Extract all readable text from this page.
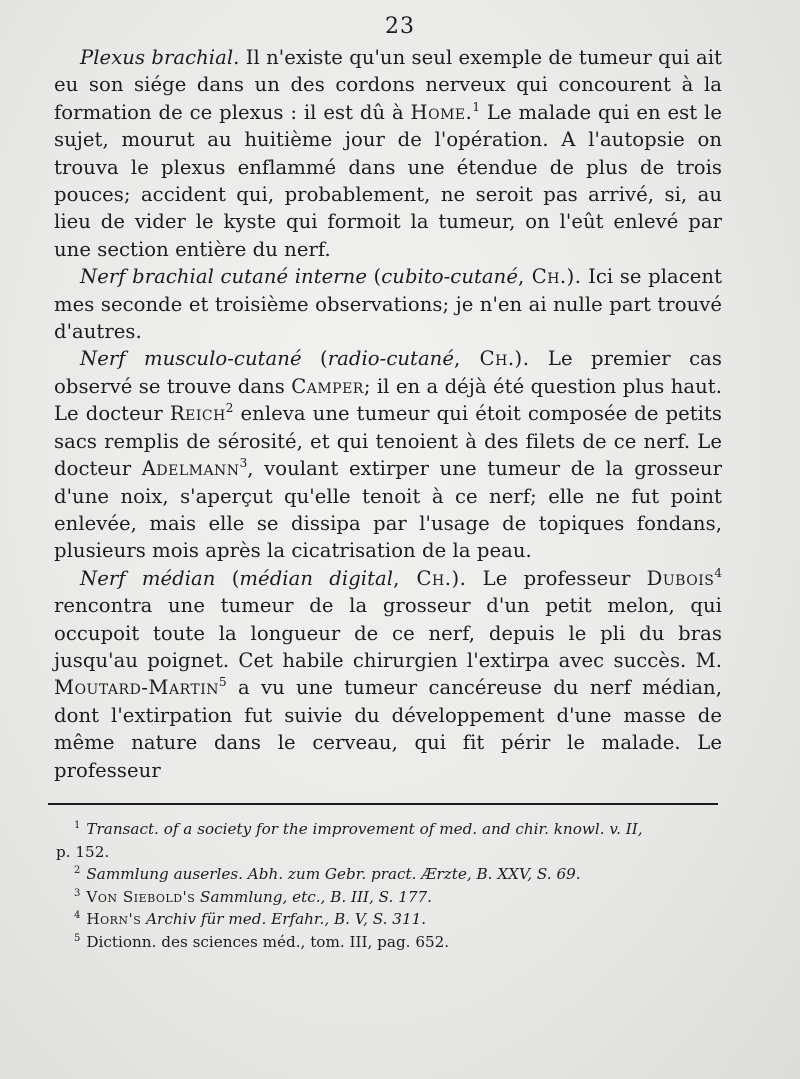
23

Plexus brachial. Il n'existe qu'un seul exemple de tumeur qui ait eu son siége dans un des cordons nerveux qui concourent à la formation de ce plexus : il est dû à Home.$^1$ Le malade qui en est le sujet, mourut au huitième jour de l'opération. A l'autopsie on trouva le plexus enflammé dans une étendue de plus de trois pouces; accident qui, probablement, ne seroit pas arrivé, si, au lieu de vider le kyste qui formoit la tumeur, on l'eût enlevé par une section entière du nerf.

Nerf brachial cutané interne (cubito-cutané, Ch.). Ici se placent mes seconde et troisième observations; je n'en ai nulle part trouvé d'autres.

Nerf musculo-cutané (radio-cutané, Ch.). Le premier cas observé se trouve dans Camper; il en a déjà été question plus haut. Le docteur Reich$^2$ enleva une tumeur qui étoit composée de petits sacs remplis de sérosité, et qui tenoient à des filets de ce nerf. Le docteur Adelmann$^3$, voulant extirper une tumeur de la grosseur d'une noix, s'aperçut qu'elle tenoit à ce nerf; elle ne fut point enlevée, mais elle se dissipa par l'usage de topiques fondans, plusieurs mois après la cicatrisation de la peau.

Nerf médian (médian digital, Ch.). Le professeur Dubois$^4$ rencontra une tumeur de la grosseur d'un petit melon, qui occupoit toute la longueur de ce nerf, depuis le pli du bras jusqu'au poignet. Cet habile chirurgien l'extirpa avec succès. M. Moutard-Martin$^5$ a vu une tumeur cancéreuse du nerf médian, dont l'extirpation fut suivie du développement d'une masse de même nature dans le cerveau, qui fit périr le malade. Le professeur

$^1$ Transact. of a society for the improvement of med. and chir. knowl. v. II,
p. 152.

$^2$ Sammlung auserles. Abh. zum Gebr. pract. Ærzte, B. XXV, S. 69.

$^3$ Von Siebold's Sammlung, etc., B. III, S. 177.

$^4$ Horn's Archiv für med. Erfahr., B. V, S. 311.

$^5$ Dictionn. des sciences méd., tom. III, pag. 652.
